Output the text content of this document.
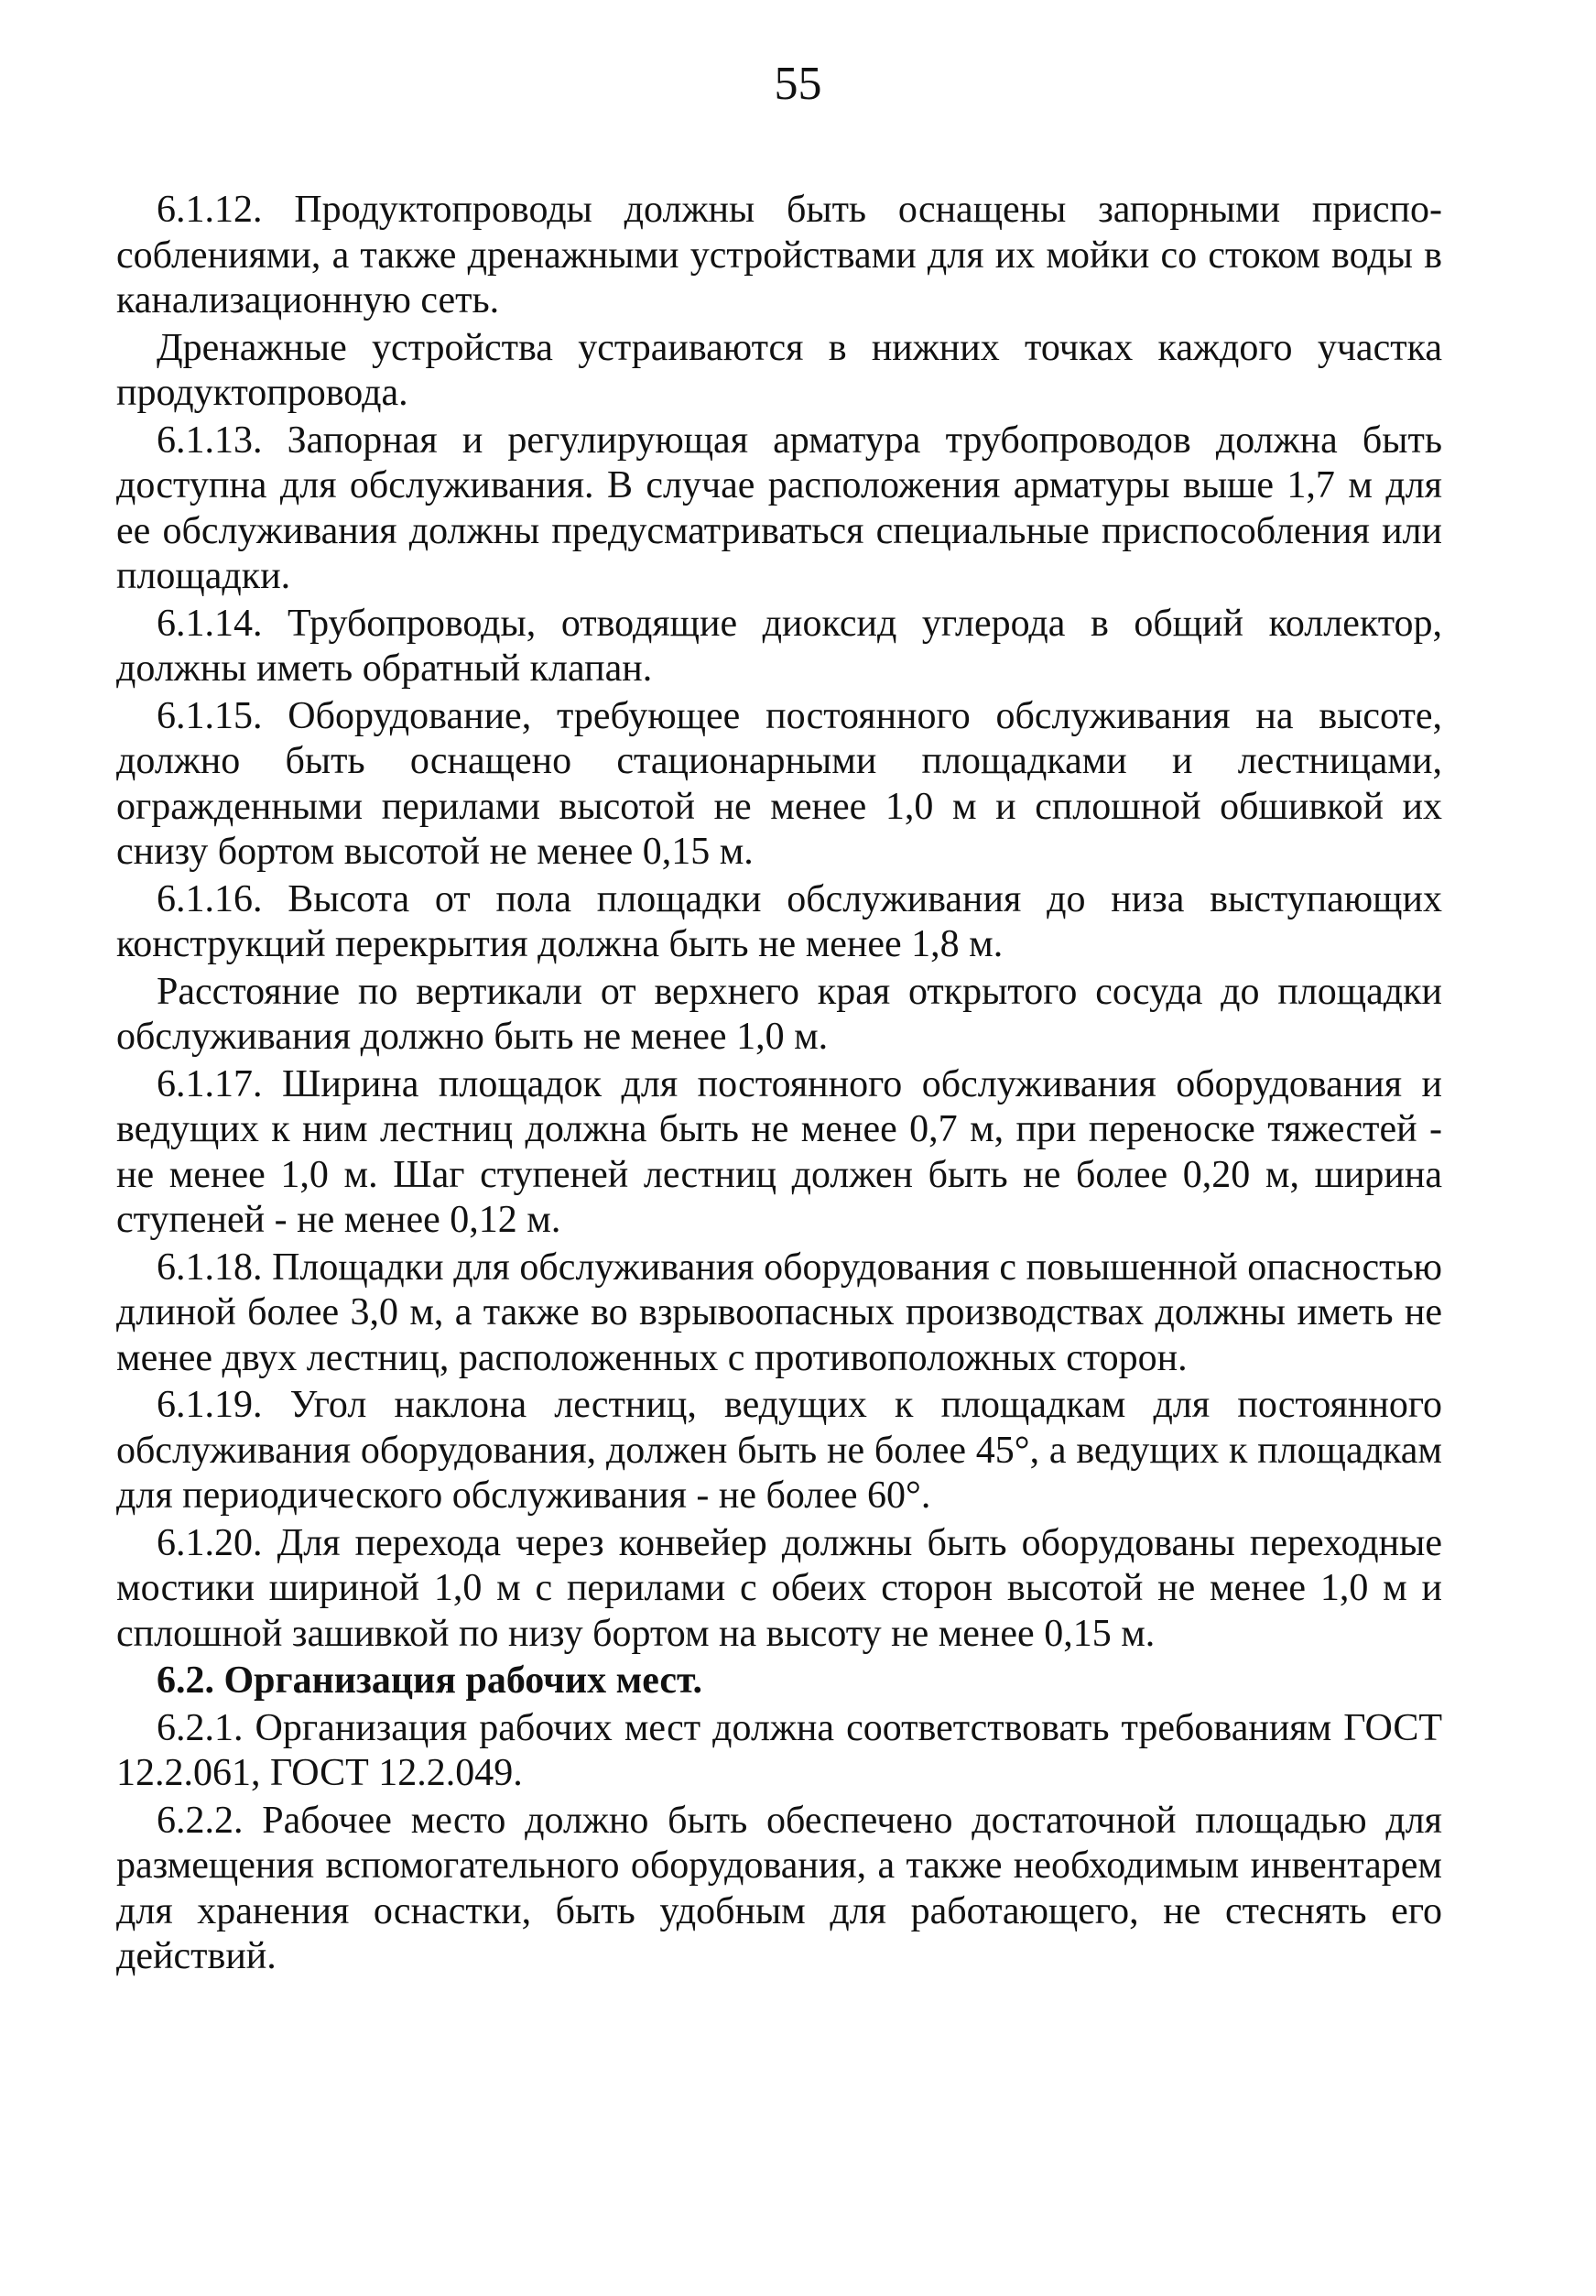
55

6.1.12. Продуктопроводы должны быть оснащены запорными приспособлениями, а также дренажными устройствами для их мойки со стоком воды в канализационную сеть.

Дренажные устройства устраиваются в нижних точках каждого участка продуктопровода.

6.1.13. Запорная и регулирующая арматура трубопроводов должна быть доступна для обслуживания. В случае расположения арматуры выше 1,7 м для ее обслуживания должны предусматриваться специальные приспособления или площадки.

6.1.14. Трубопроводы, отводящие диоксид углерода в общий коллектор, должны иметь обратный клапан.

6.1.15. Оборудование, требующее постоянного обслуживания на высоте, должно быть оснащено стационарными площадками и лестницами, огражденными перилами высотой не менее 1,0 м и сплошной обшивкой их снизу бортом высотой не менее 0,15 м.

6.1.16. Высота от пола площадки обслуживания до низа выступающих конструкций перекрытия должна быть не менее 1,8 м.

Расстояние по вертикали от верхнего края открытого сосуда до площадки обслуживания должно быть не менее 1,0 м.

6.1.17. Ширина площадок для постоянного обслуживания оборудования и ведущих к ним лестниц должна быть не менее 0,7 м, при переноске тяжестей - не менее 1,0 м. Шаг ступеней лестниц должен быть не более 0,20 м, ширина ступеней - не менее 0,12 м.

6.1.18. Площадки для обслуживания оборудования с повышенной опасностью длиной более 3,0 м, а также во взрывоопасных производствах должны иметь не менее двух лестниц, расположенных с противоположных сторон.

6.1.19. Угол наклона лестниц, ведущих к площадкам для постоянного обслуживания оборудования, должен быть не более 45°, а ведущих к площадкам для периодического обслуживания - не более 60°.

6.1.20. Для перехода через конвейер должны быть оборудованы переходные мостики шириной 1,0 м с перилами с обеих сторон высотой не менее 1,0 м и сплошной зашивкой по низу бортом на высоту не менее 0,15 м.

6.2. Организация рабочих мест.

6.2.1. Организация рабочих мест должна соответствовать требованиям ГОСТ 12.2.061, ГОСТ 12.2.049.

6.2.2. Рабочее место должно быть обеспечено достаточной площадью для размещения вспомогательного оборудования, а также необходимым инвентарем для хранения оснастки, быть удобным для работающего, не стеснять его действий.
